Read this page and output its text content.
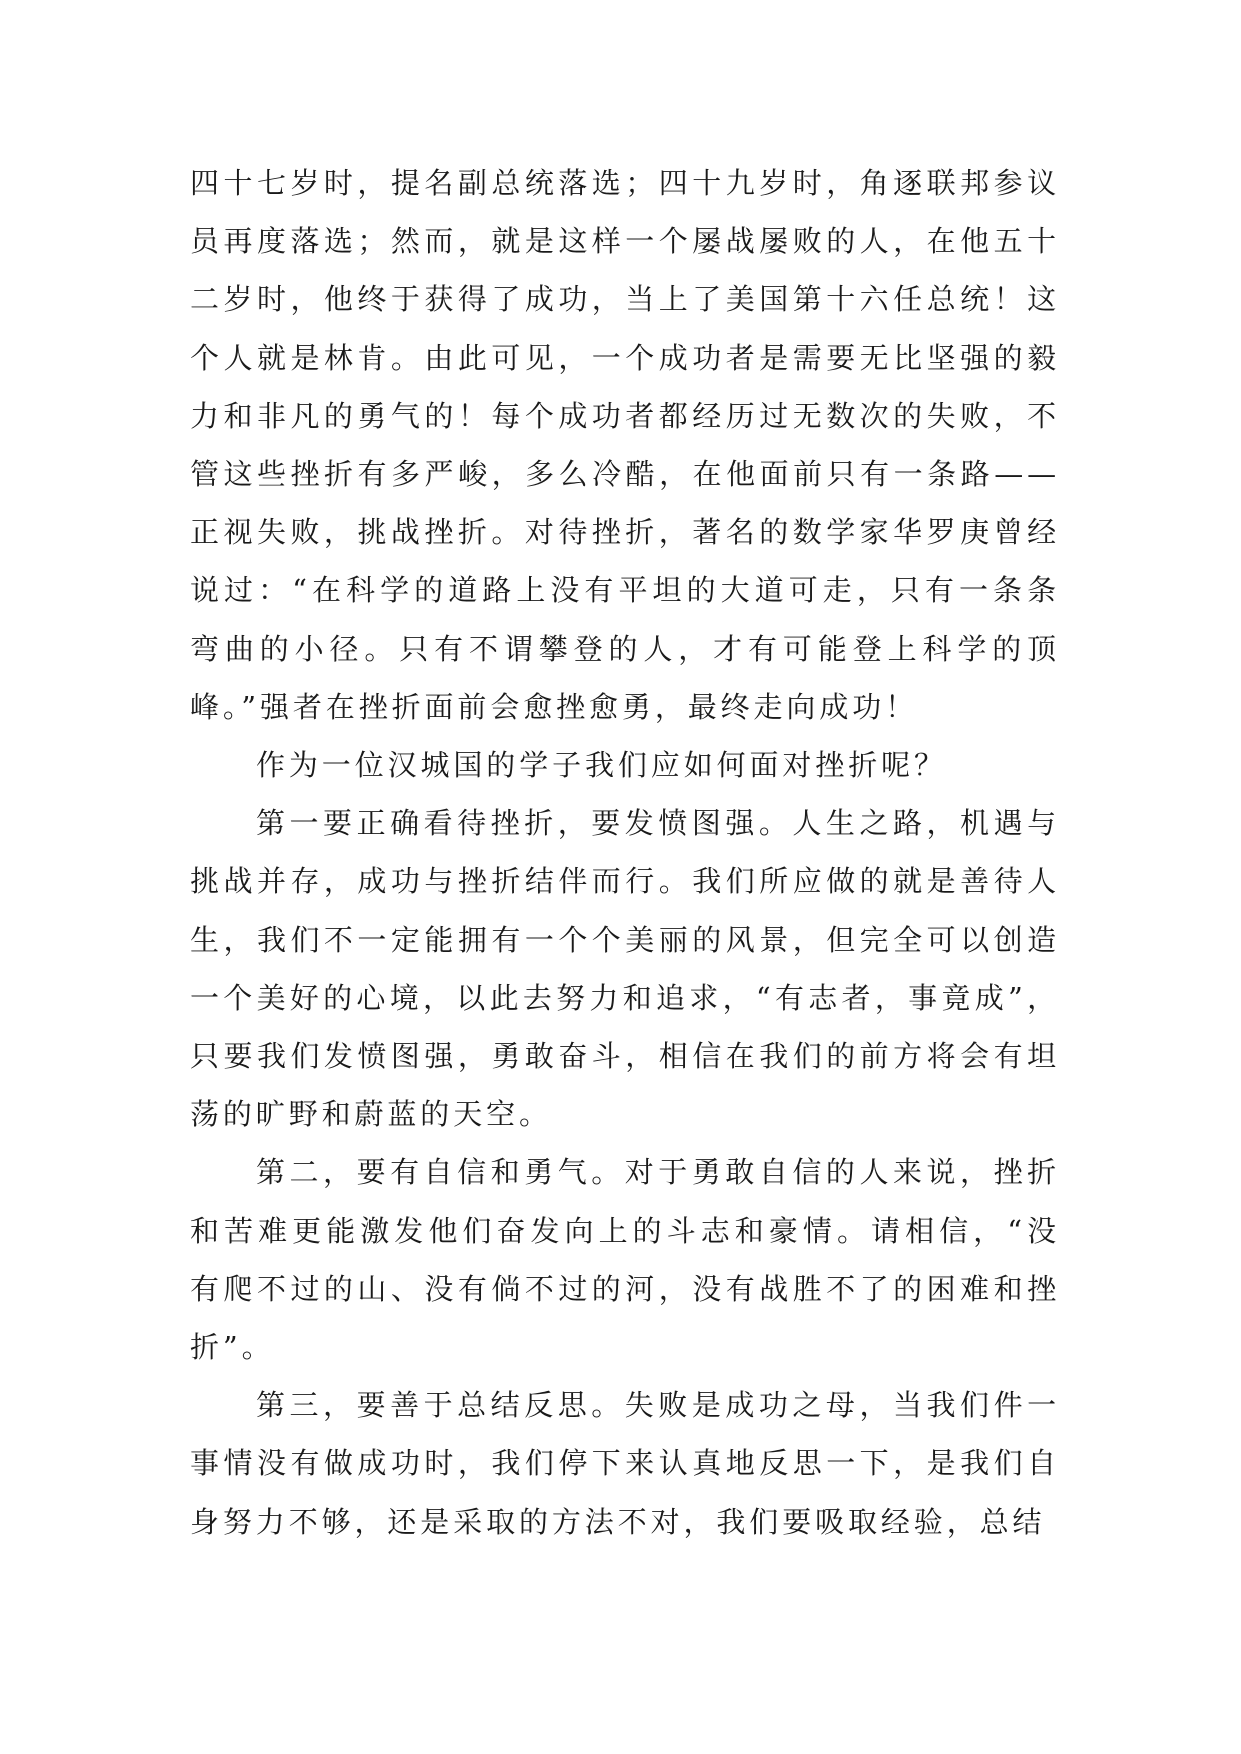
四十七岁时，提名副总统落选；四十九岁时，角逐联邦参议员再度落选；然而，就是这样一个屡战屡败的人，在他五十二岁时，他终于获得了成功，当上了美国第十六任总统！这个人就是林肯。由此可见，一个成功者是需要无比坚强的毅力和非凡的勇气的！每个成功者都经历过无数次的失败，不管这些挫折有多严峻，多么冷酷，在他面前只有一条路——正视失败，挑战挫折。对待挫折，著名的数学家华罗庚曾经说过：“在科学的道路上没有平坦的大道可走，只有一条条弯曲的小径。只有不谓攀登的人，才有可能登上科学的顶峰。”强者在挫折面前会愈挫愈勇，最终走向成功！

作为一位汉城国的学子我们应如何面对挫折呢？

第一要正确看待挫折，要发愤图强。人生之路，机遇与挑战并存，成功与挫折结伴而行。我们所应做的就是善待人生，我们不一定能拥有一个个美丽的风景，但完全可以创造一个美好的心境，以此去努力和追求，“有志者，事竟成”，只要我们发愤图强，勇敢奋斗，相信在我们的前方将会有坦荡的旷野和蔚蓝的天空。

第二，要有自信和勇气。对于勇敢自信的人来说，挫折和苦难更能激发他们奋发向上的斗志和豪情。请相信，“没有爬不过的山、没有倘不过的河，没有战胜不了的困难和挫折”。

第三，要善于总结反思。失败是成功之母，当我们件一事情没有做成功时，我们停下来认真地反思一下，是我们自身努力不够，还是采取的方法不对，我们要吸取经验，总结
